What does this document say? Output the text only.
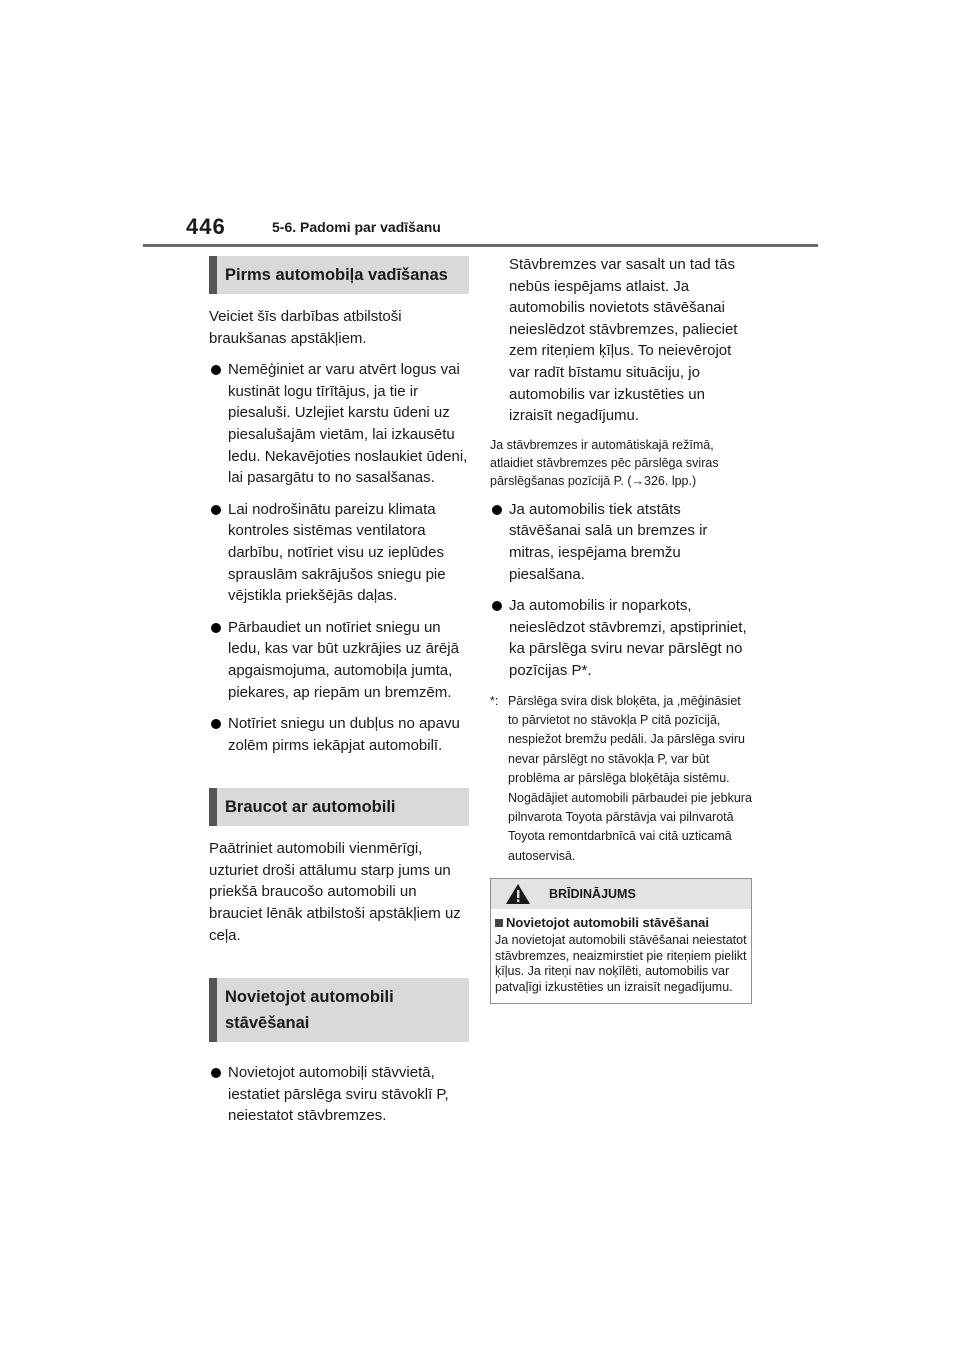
446	5-6. Padomi par vadīšanu
Pirms automobiļa vadīšanas

Veiciet šīs darbības atbilstoši braukšanas apstākļiem.

Nemēģiniet ar varu atvērt logus vai kustināt logu tīrītājus, ja tie ir piesaluši. Uzlejiet karstu ūdeni uz piesalušajām vietām, lai izkausētu ledu. Nekavējoties noslaukiet ūdeni, lai pasargātu to no sasalšanas.
Lai nodrošinātu pareizu klimata kontroles sistēmas ventilatora darbību, notīriet visu uz ieplūdes sprauslām sakrājušos sniegu pie vējstikla priekšējās daļas.
Pārbaudiet un notīriet sniegu un ledu, kas var būt uzkrājies uz ārējā apgaismojuma, automobiļa jumta, piekares, ap riepām un bremzēm.
Notīriet sniegu un dubļus no apavu zolēm pirms iekāpjat automobilī.
Braucot ar automobili

Paātriniet automobili vienmērīgi, uzturiet droši attālumu starp jums un priekšā braucošo automobili un brauciet lēnāk atbilstoši apstākļiem uz ceļa.

Novietojot automobili stāvēšanai
Novietojot automobiļi stāvvietā, iestatiet pārslēga sviru stāvoklī P, neiestatot stāvbremzes.

Stāvbremzes var sasalt un tad tās nebūs iespējams atlaist. Ja automobilis novietots stāvēšanai neieslēdzot stāvbremzes, palieciet zem riteņiem ķīļus. To neievērojot var radīt bīstamu situāciju, jo automobilis var izkustēties un izraisīt negadījumu.

Ja stāvbremzes ir automātiskajā režīmā, atlaidiet stāvbremzes pēc pārslēga sviras pārslēgšanas pozīcijā P. (→326. lpp.)

Ja automobilis tiek atstāts stāvēšanai salā un bremzes ir mitras, iespējama bremžu piesalšana.
Ja automobilis ir noparkots, neieslēdzot stāvbremzi, apstipriniet, ka pārslēga sviru nevar pārslēgt no pozīcijas P*.
*: Pārslēga svira disk bloķēta, ja ,mēģināsiet to pārvietot no stāvokļa P citā pozīcijā, nespiežot bremžu pedāli. Ja pārslēga sviru nevar pārslēgt no stāvokļa P, var būt problēma ar pārslēga bloķētāja sistēmu. Nogādājiet automobili pārbaudei pie jebkura pilnvarota Toyota pārstāvja vai pilnvarotā Toyota remontdarbnīcā vai citā uzticamā autoservisā.
BRĪDINĀJUMS
Novietojot automobili stāvēšanai
Ja novietojat automobili stāvēšanai neiestatot stāvbremzes, neaizmirstiet pie riteņiem pielikt ķīļus. Ja riteņi nav noķīlēti, automobilis var patvaļīgi izkustēties un izraisīt negadījumu.
